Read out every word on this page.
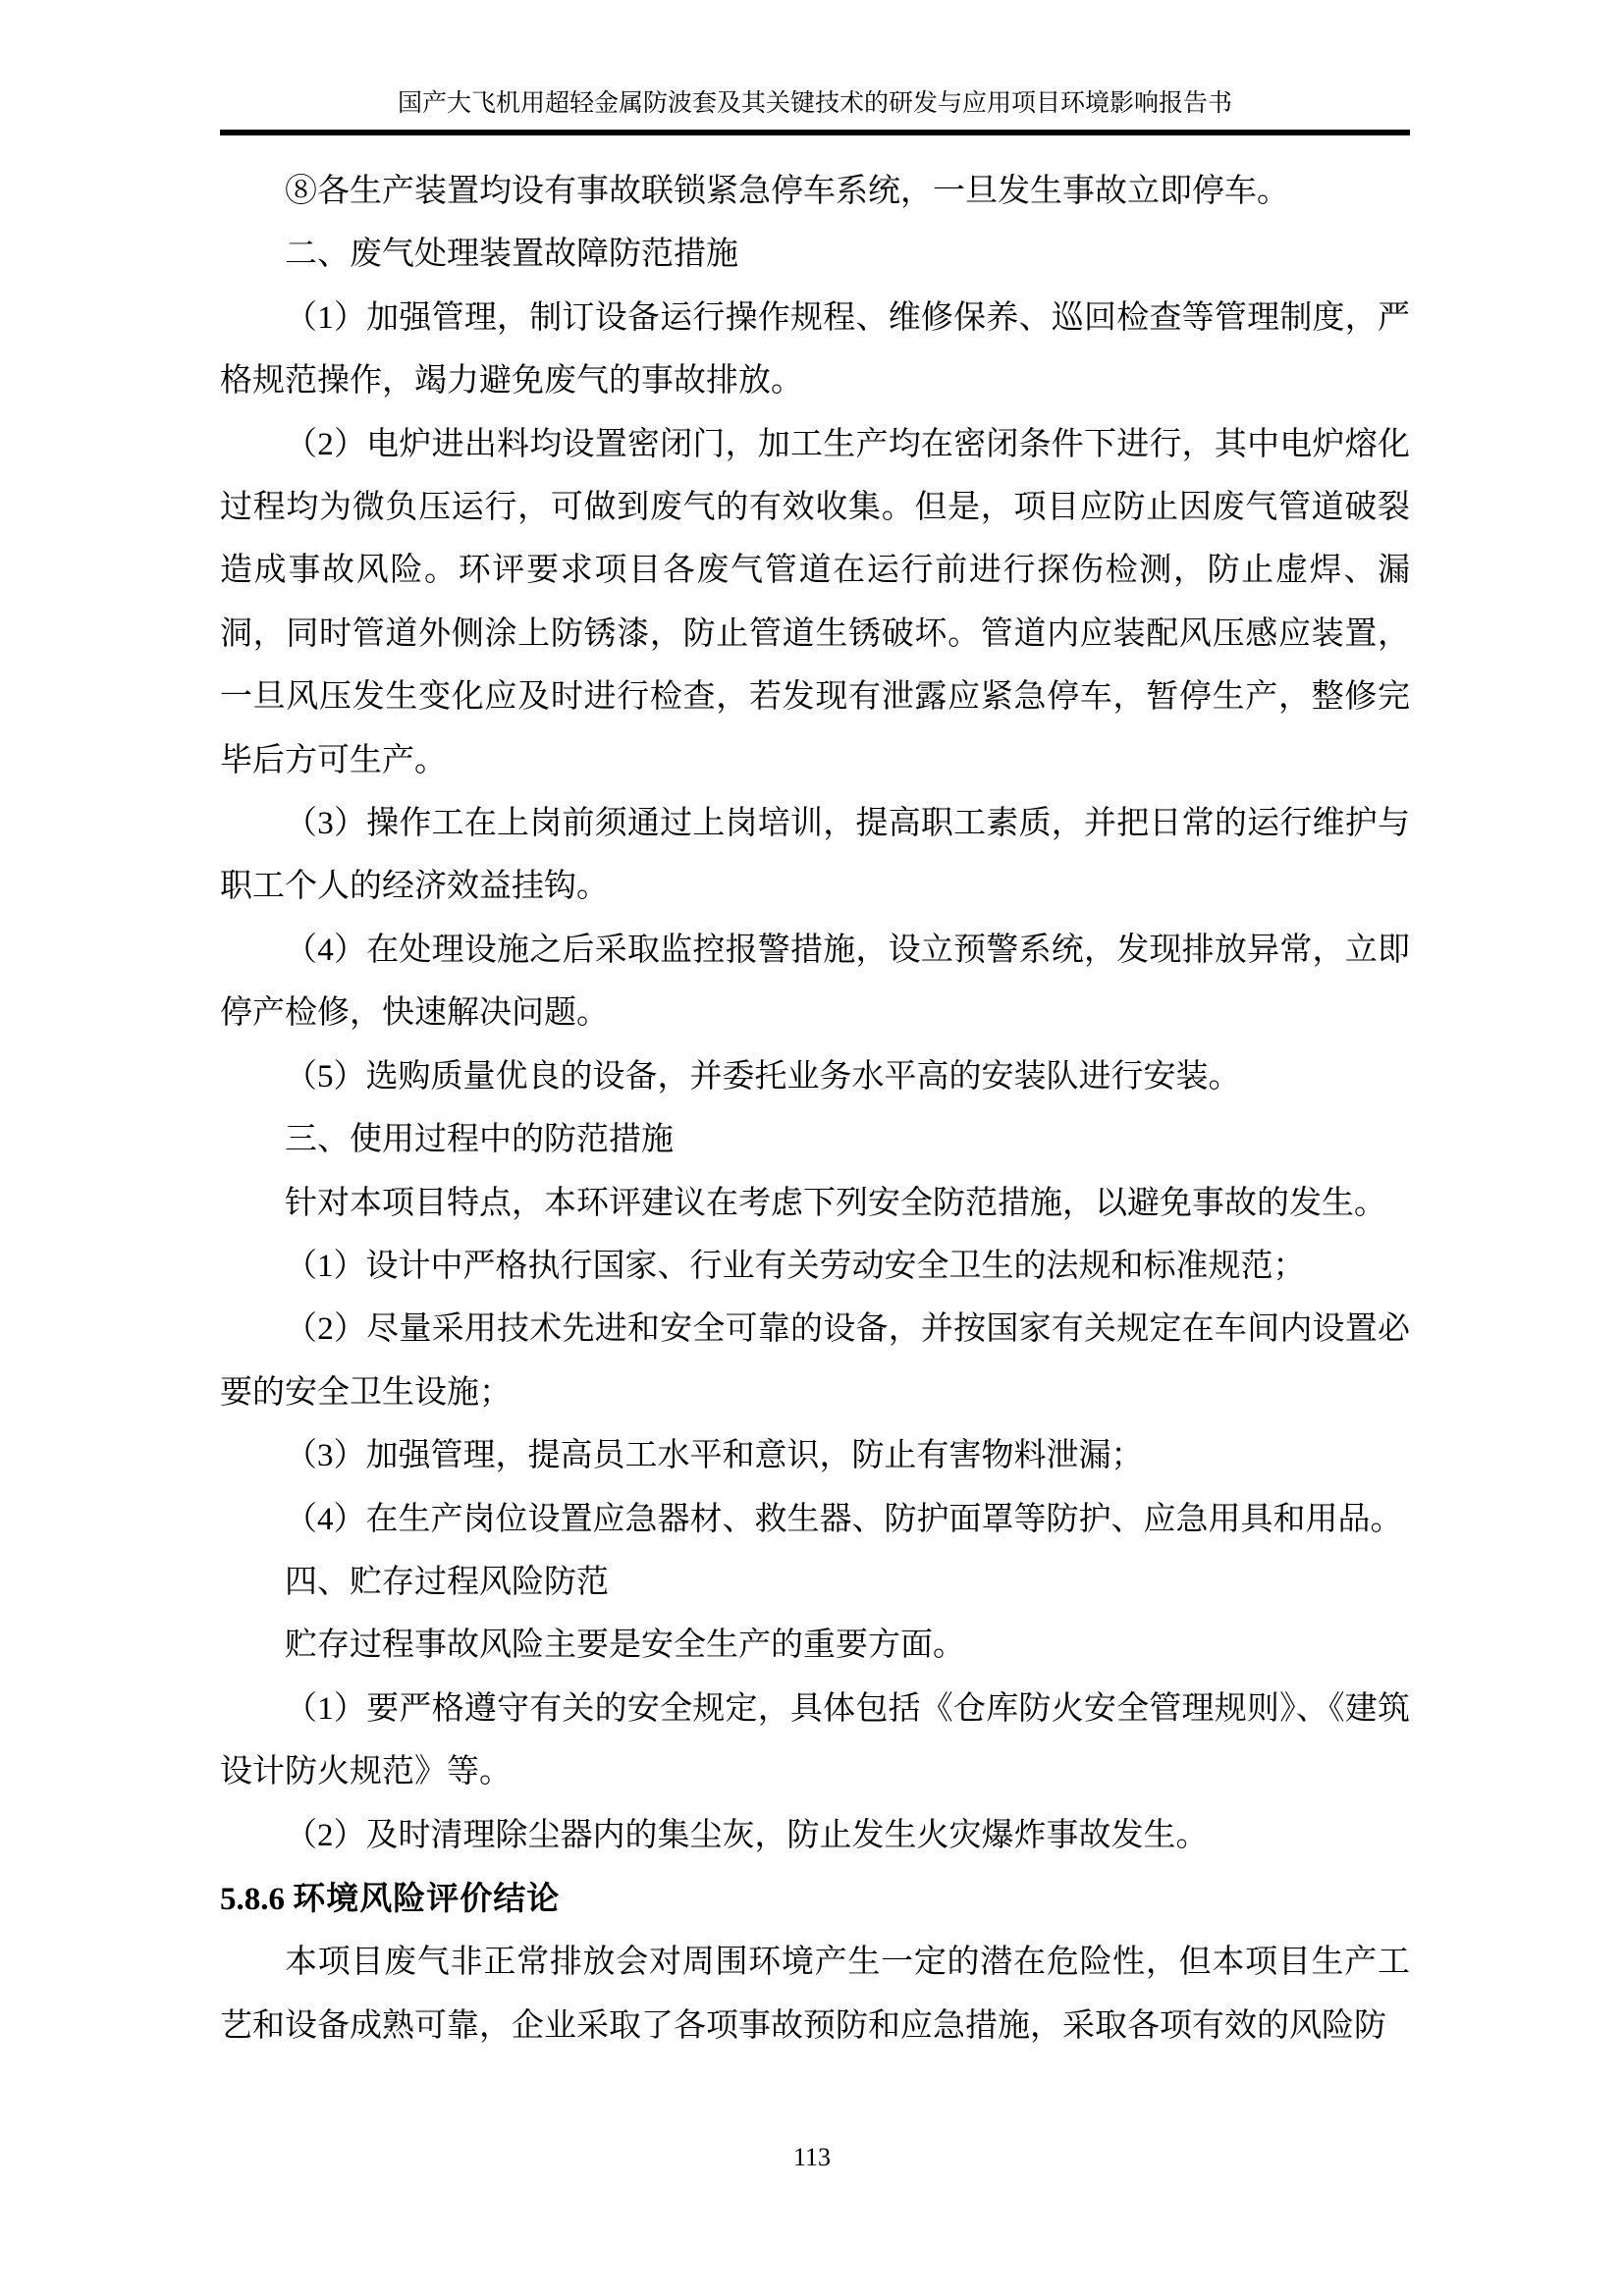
国产大飞机用超轻金属防波套及其关键技术的研发与应用项目环境影响报告书

⑧各生产装置均设有事故联锁紧急停车系统，一旦发生事故立即停车。

二、废气处理装置故障防范措施

（1）加强管理，制订设备运行操作规程、维修保养、巡回检查等管理制度，严格规范操作，竭力避免废气的事故排放。

（2）电炉进出料均设置密闭门，加工生产均在密闭条件下进行，其中电炉熔化过程均为微负压运行，可做到废气的有效收集。但是，项目应防止因废气管道破裂造成事故风险。环评要求项目各废气管道在运行前进行探伤检测，防止虚焊、漏洞，同时管道外侧涂上防锈漆，防止管道生锈破坏。管道内应装配风压感应装置，一旦风压发生变化应及时进行检查，若发现有泄露应紧急停车，暂停生产，整修完毕后方可生产。

（3）操作工在上岗前须通过上岗培训，提高职工素质，并把日常的运行维护与职工个人的经济效益挂钩。

（4）在处理设施之后采取监控报警措施，设立预警系统，发现排放异常，立即停产检修，快速解决问题。

（5）选购质量优良的设备，并委托业务水平高的安装队进行安装。

三、使用过程中的防范措施

针对本项目特点，本环评建议在考虑下列安全防范措施，以避免事故的发生。

（1）设计中严格执行国家、行业有关劳动安全卫生的法规和标准规范；

（2）尽量采用技术先进和安全可靠的设备，并按国家有关规定在车间内设置必要的安全卫生设施；

（3）加强管理，提高员工水平和意识，防止有害物料泄漏；

（4）在生产岗位设置应急器材、救生器、防护面罩等防护、应急用具和用品。

四、贮存过程风险防范

贮存过程事故风险主要是安全生产的重要方面。

（1）要严格遵守有关的安全规定，具体包括《仓库防火安全管理规则》、《建筑设计防火规范》等。

（2）及时清理除尘器内的集尘灰，防止发生火灾爆炸事故发生。

5.8.6 环境风险评价结论

本项目废气非正常排放会对周围环境产生一定的潜在危险性，但本项目生产工艺和设备成熟可靠，企业采取了各项事故预防和应急措施，采取各项有效的风险防

113
